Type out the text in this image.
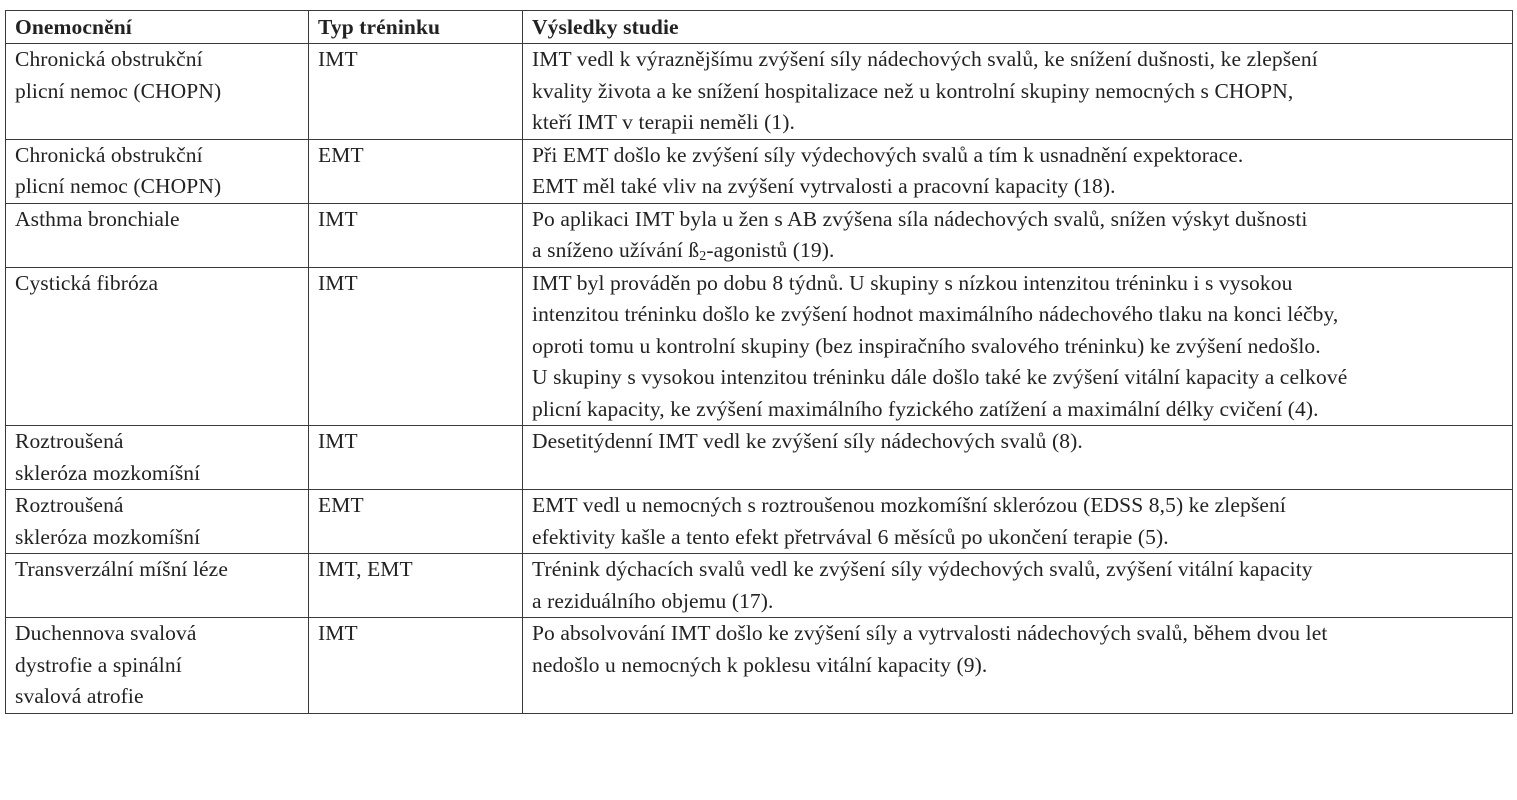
Onemocnění	Typ tréninku	Výsledky studie

Chronická obstrukční
plicní nemoc (CHOPN)	IMT	IMT vedl k výraznějšímu zvýšení síly nádechových svalů, ke snížení dušnosti, ke zlepšení
kvality života a ke snížení hospitalizace než u kontrolní skupiny nemocných s CHOPN,
kteří IMT v terapii neměli (1).

Chronická obstrukční
plicní nemoc (CHOPN)	EMT	Při EMT došlo ke zvýšení síly výdechových svalů a tím k usnadnění expektorace.
EMT měl také vliv na zvýšení vytrvalosti a pracovní kapacity (18).

Asthma bronchiale	IMT	Po aplikaci IMT byla u žen s AB zvýšena síla nádechových svalů, snížen výskyt dušnosti
a sníženo užívání $ß_2$-agonistů (19).

Cystická fibróza	IMT	IMT byl prováděn po dobu 8 týdnů. U skupiny s nízkou intenzitou tréninku i s vysokou
intenzitou tréninku došlo ke zvýšení hodnot maximálního nádechového tlaku na konci léčby,
oproti tomu u kontrolní skupiny (bez inspiračního svalového tréninku) ke zvýšení nedošlo.
U skupiny s vysokou intenzitou tréninku dále došlo také ke zvýšení vitální kapacity a celkové
plicní kapacity, ke zvýšení maximálního fyzického zatížení a maximální délky cvičení (4).

Roztroušená
skleróza mozkomíšní	IMT	Desetitýdenní IMT vedl ke zvýšení síly nádechových svalů (8).

Roztroušená
skleróza mozkomíšní	EMT	EMT vedl u nemocných s roztroušenou mozkomíšní sklerózou (EDSS 8,5) ke zlepšení
efektivity kašle a tento efekt přetrvával 6 měsíců po ukončení terapie (5).

Transverzální míšní léze	IMT, EMT	Trénink dýchacích svalů vedl ke zvýšení síly výdechových svalů, zvýšení vitální kapacity
a reziduálního objemu (17).

Duchennova svalová
dystrofie a spinální
svalová atrofie	IMT	Po absolvování IMT došlo ke zvýšení síly a vytrvalosti nádechových svalů, během dvou let
nedošlo u nemocných k poklesu vitální kapacity (9).
